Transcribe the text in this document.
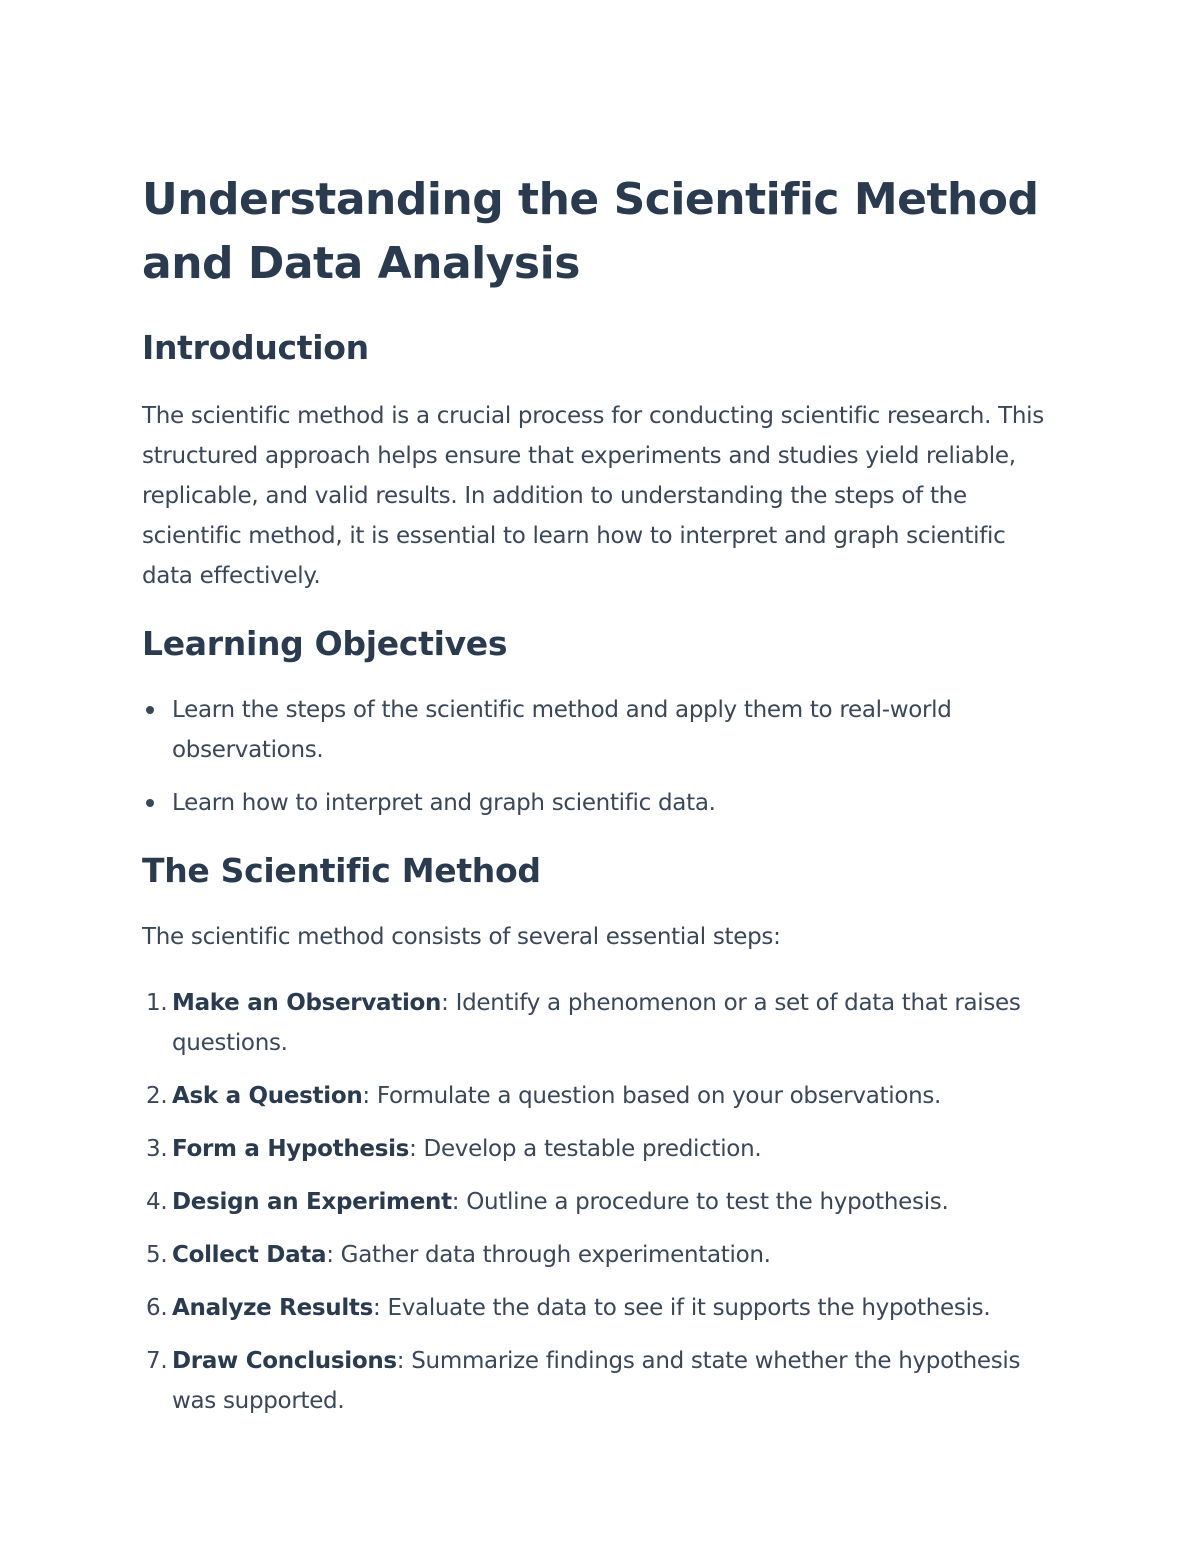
Understanding the Scientific Method and Data Analysis
Introduction

The scientific method is a crucial process for conducting scientific research. This structured approach helps ensure that experiments and studies yield reliable, replicable, and valid results. In addition to understanding the steps of the scientific method, it is essential to learn how to interpret and graph scientific data effectively.

Learning Objectives
Learn the steps of the scientific method and apply them to real-world observations.
Learn how to interpret and graph scientific data.
The Scientific Method

The scientific method consists of several essential steps:

1. Make an Observation: Identify a phenomenon or a set of data that raises questions.
2. Ask a Question: Formulate a question based on your observations.
3. Form a Hypothesis: Develop a testable prediction.
4. Design an Experiment: Outline a procedure to test the hypothesis.
5. Collect Data: Gather data through experimentation.
6. Analyze Results: Evaluate the data to see if it supports the hypothesis.
7. Draw Conclusions: Summarize findings and state whether the hypothesis was supported.
